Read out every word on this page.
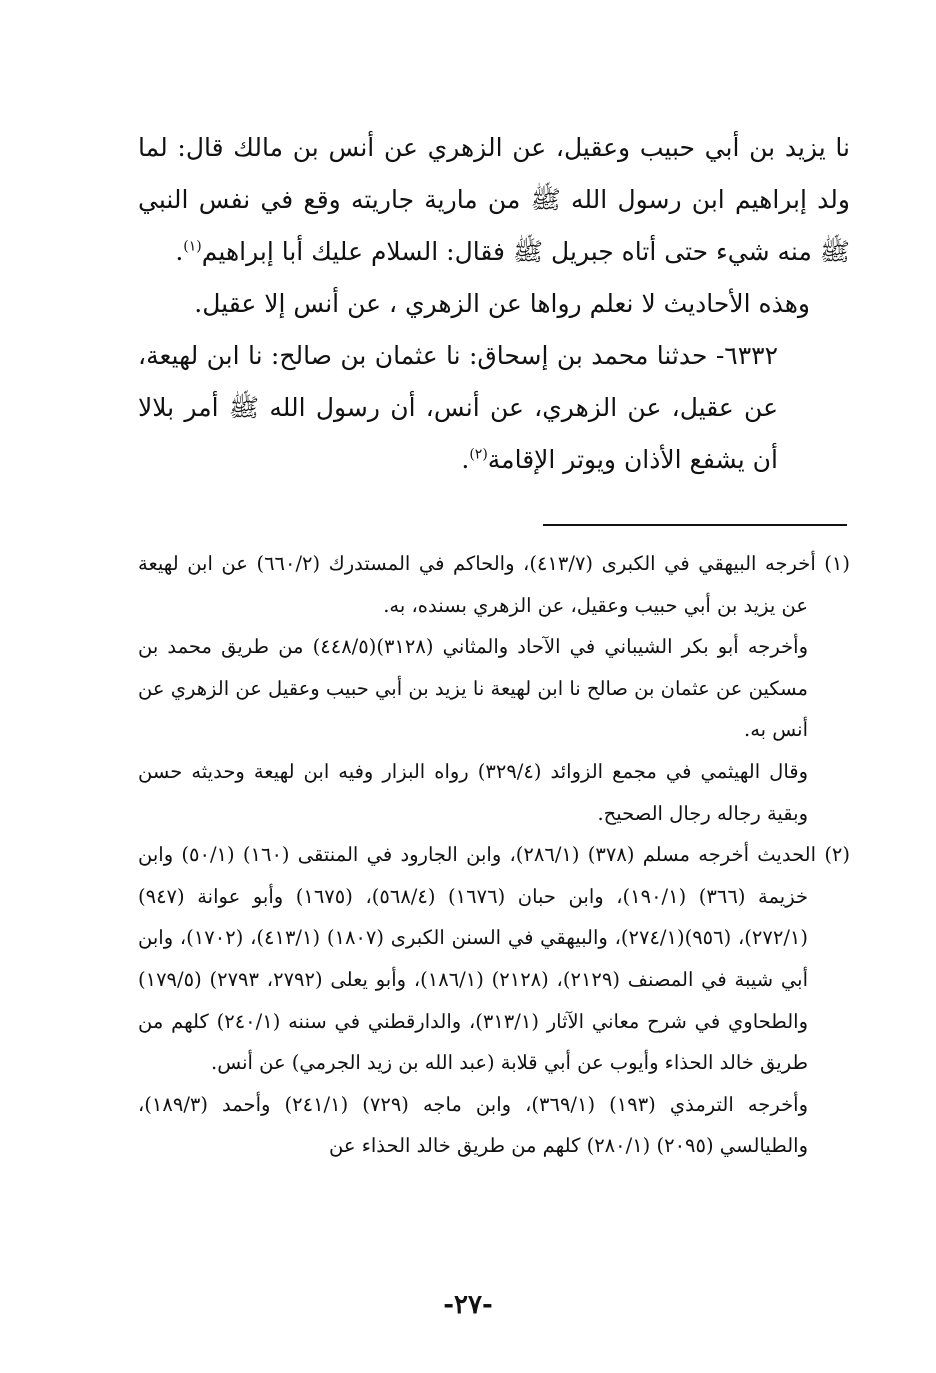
نا يزيد بن أبي حبيب وعقيل، عن الزهري عن أنس بن مالك قال: لما ولد إبراهيم ابن رسول الله ﷺ من مارية جاريته وقع في نفس النبي ﷺ منه شيء حتى أتاه جبريل ﷺ فقال: السلام عليك أبا إبراهيم$^{(١)}$.

وهذه الأحاديث لا نعلم رواها عن الزهري ، عن أنس إلا عقيل.

٦٣٣٢- حدثنا محمد بن إسحاق: نا عثمان بن صالح: نا ابن لهيعة، عن عقيل، عن الزهري، عن أنس، أن رسول الله ﷺ أمر بلالا أن يشفع الأذان ويوتر الإقامة$^{(٢)}$.

(١) أخرجه البيهقي في الكبرى (٤١٣/٧)، والحاكم في المستدرك (٦٦٠/٢) عن ابن لهيعة عن يزيد بن أبي حبيب وعقيل، عن الزهري بسنده، به.

وأخرجه أبو بكر الشيباني في الآحاد والمثاني (٣١٢٨)(٤٤٨/٥) من طريق محمد بن مسكين عن عثمان بن صالح نا ابن لهيعة نا يزيد بن أبي حبيب وعقيل عن الزهري عن أنس به.

وقال الهيثمي في مجمع الزوائد (٣٢٩/٤) رواه البزار وفيه ابن لهيعة وحديثه حسن وبقية رجاله رجال الصحيح.

(٢) الحديث أخرجه مسلم (٣٧٨) (٢٨٦/١)، وابن الجارود في المنتقى (١٦٠) (٥٠/١) وابن خزيمة (٣٦٦) (١٩٠/١)، وابن حبان (١٦٧٦) (٥٦٨/٤)، (١٦٧٥) وأبو عوانة (٩٤٧) (٢٧٢/١)، (٩٥٦)(٢٧٤/١)، والبيهقي في السنن الكبرى (١٨٠٧) (٤١٣/١)، (١٧٠٢)، وابن أبي شيبة في المصنف (٢١٢٩)، (٢١٢٨) (١٨٦/١)، وأبو يعلى (٢٧٩٢، ٢٧٩٣) (١٧٩/٥) والطحاوي في شرح معاني الآثار (٣١٣/١)، والدارقطني في سننه (٢٤٠/١) كلهم من طريق خالد الحذاء وأيوب عن أبي قلابة (عبد الله بن زيد الجرمي) عن أنس.

وأخرجه الترمذي (١٩٣) (٣٦٩/١)، وابن ماجه (٧٢٩) (٢٤١/١) وأحمد (١٨٩/٣)، والطيالسي (٢٠٩٥) (٢٨٠/١) كلهم من طريق خالد الحذاء عن

-٢٧-
